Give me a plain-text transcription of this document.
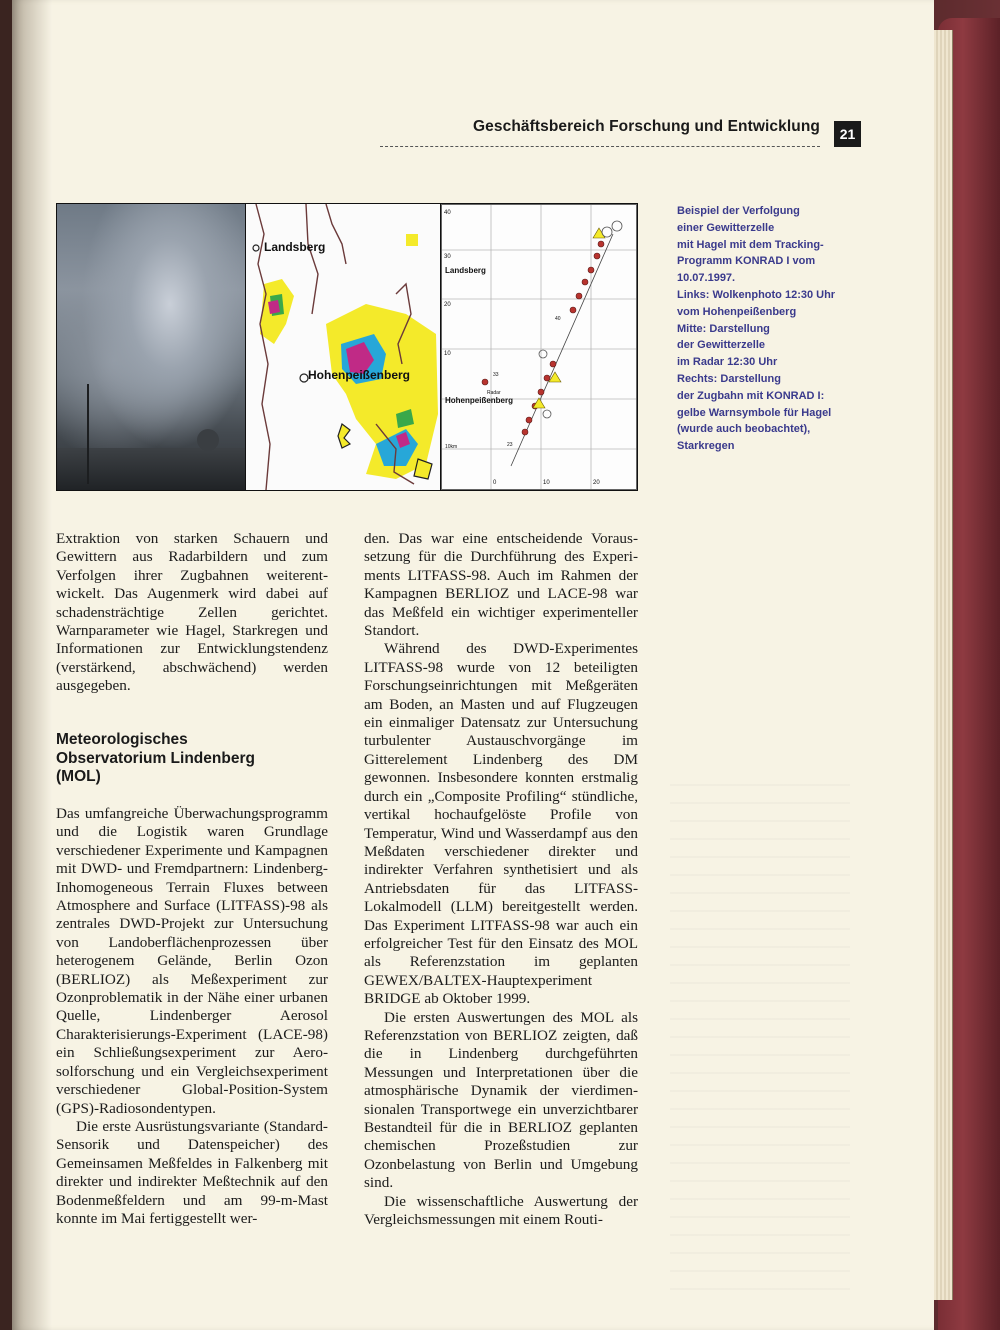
Geschäftsbereich Forschung und Entwicklung	21
Landsberg
Hohenpeißenberg
40
30
20
10
0	10	20
Landsberg
Hohenpeißenberg
Radar
10km
33
40
23
Beispiel der Verfolgung
einer Gewitterzelle
mit Hagel mit dem Tracking-
Programm KONRAD I vom
10.07.1997.
Links: Wolkenphoto 12:30 Uhr
vom Hohenpeißenberg
Mitte: Darstellung
der Gewitterzelle
im Radar 12:30 Uhr
Rechts: Darstellung
der Zugbahn mit KONRAD I:
gelbe Warnsymbole für Hagel
(wurde auch beobachtet),
Starkregen

Extraktion von starken Schauern und Gewittern aus Radarbildern und zum Verfolgen ihrer Zugbahnen weiterentwickelt. Das Augenmerk wird dabei auf schadensträchtige Zellen gerichtet. Warnparameter wie Hagel, Starkregen und Informationen zur Entwicklungstendenz (verstärkend, abschwächend) werden ausgegeben.

Meteorologisches
Observatorium Lindenberg
(MOL)

Das umfangreiche Überwachungsprogramm und die Logistik waren Grundlage verschiedener Experimente und Kampagnen mit DWD- und Fremdpartnern: Lindenberg-Inhomogeneous Terrain Fluxes between Atmosphere and Surface (LITFASS)-98 als zentrales DWD-Projekt zur Untersuchung von Landoberflächenprozessen über heterogenem Gelände, Berlin Ozon (BERLIOZ) als Meßexperiment zur Ozonproblematik in der Nähe einer urbanen Quelle, Lindenberger Aerosol Charakterisierungs-Experiment (LACE-98) ein Schließungsexperiment zur Aerosolforschung und ein Vergleichsexperiment verschiedener Global-Position-System (GPS)-Radiosondentypen.

Die erste Ausrüstungsvariante (Standard-Sensorik und Datenspeicher) des Gemeinsamen Meßfeldes in Falkenberg mit direkter und indirekter Meßtechnik auf den Bodenmeßfeldern und am 99-m-Mast konnte im Mai fertiggestellt wer-

den. Das war eine entscheidende Voraussetzung für die Durchführung des Experiments LITFASS-98. Auch im Rahmen der Kampagnen BERLIOZ und LACE-98 war das Meßfeld ein wichtiger experimenteller Standort.

Während des DWD-Experimentes LITFASS-98 wurde von 12 beteiligten Forschungseinrichtungen mit Meßgeräten am Boden, an Masten und auf Flugzeugen ein einmaliger Datensatz zur Untersuchung turbulenter Austauschvorgänge im Gitterelement Lindenberg des DM gewonnen. Insbesondere konnten erstmalig durch ein „Composite Profiling“ stündliche, vertikal hochaufgelöste Profile von Temperatur, Wind und Wasserdampf aus den Meßdaten verschiedener direkter und indirekter Verfahren synthetisiert und als Antriebsdaten für das LITFASS-Lokalmodell (LLM) bereitgestellt werden. Das Experiment LITFASS-98 war auch ein erfolgreicher Test für den Einsatz des MOL als Referenzstation im geplanten GEWEX/BALTEX-Hauptexperiment BRIDGE ab Oktober 1999.

Die ersten Auswertungen des MOL als Referenzstation von BERLIOZ zeigten, daß die in Lindenberg durchgeführten Messungen und Interpretationen über die atmosphärische Dynamik der vierdimensionalen Transportwege ein unverzichtbarer Bestandteil für die in BERLIOZ geplanten chemischen Prozeßstudien zur Ozonbelastung von Berlin und Umgebung sind.

Die wissenschaftliche Auswertung der Vergleichsmessungen mit einem Routi-
